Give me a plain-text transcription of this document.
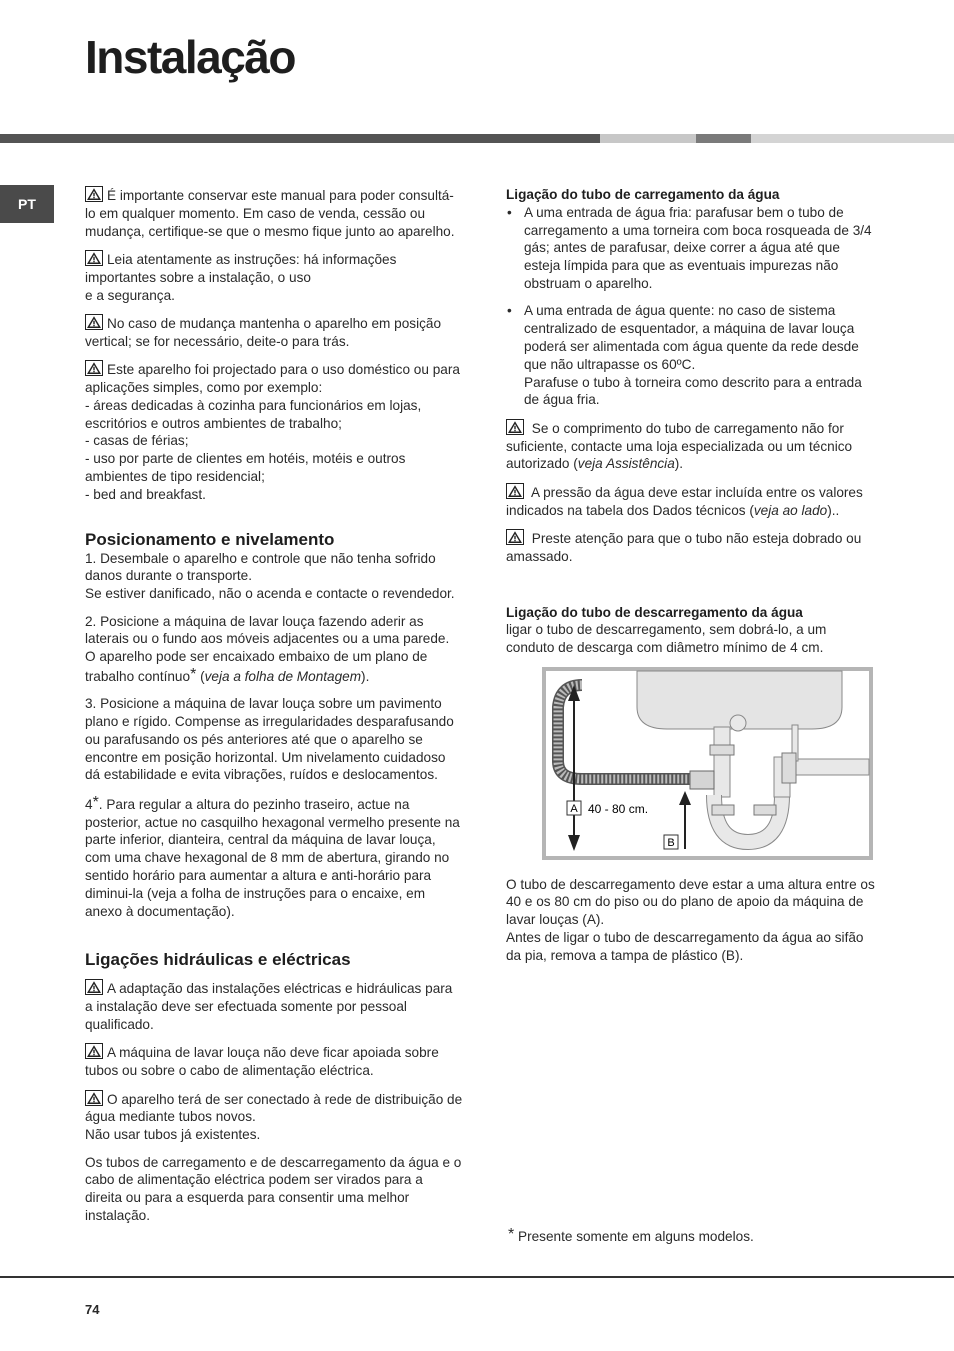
Instalação
PT

É importante conservar este manual para poder consultá-lo em qualquer momento. Em caso de venda, cessão ou mudança, certifique-se que o mesmo fique junto ao aparelho.

Leia atentamente as instruções: há informações importantes sobre a instalação, o uso
e a segurança.

No caso de mudança mantenha o aparelho em posição vertical; se for necessário, deite-o para trás.

Este aparelho foi projectado para o uso doméstico ou para aplicações simples, como por exemplo:
- áreas dedicadas à cozinha para funcionários em lojas, escritórios e outros ambientes de trabalho;
- casas de férias;
- uso por parte de clientes em hotéis, motéis e outros ambientes de tipo residencial;
- bed and breakfast.

Posicionamento e nivelamento

1. Desembale o aparelho e controle que não tenha sofrido danos durante o transporte.
Se estiver danificado, não o acenda e contacte o revendedor.

2. Posicione a máquina de lavar louça fazendo aderir as laterais ou o fundo aos móveis adjacentes ou a uma parede. O aparelho pode ser encaixado embaixo de um plano de trabalho contínuo* (veja a folha de Montagem).

3. Posicione a máquina de lavar louça sobre um pavimento plano e rígido. Compense as irregularidades desparafusando ou parafusando os pés anteriores até que o aparelho se encontre em posição horizontal. Um nivelamento cuidadoso dá estabilidade e evita vibrações, ruídos e deslocamentos.

4*. Para regular a altura do pezinho traseiro, actue na posterior, actue no casquilho hexagonal vermelho presente na parte inferior, dianteira, central da máquina de lavar louça, com uma chave hexagonal de 8 mm de abertura, girando no sentido horário para aumentar a altura e anti-horário para diminui-la (veja a folha de instruções para o encaixe, em anexo à documentação).

Ligações hidráulicas e eléctricas

A adaptação das instalações eléctricas e hidráulicas para a instalação deve ser efectuada somente por pessoal qualificado.

A máquina de lavar louça não deve ficar apoiada sobre tubos ou sobre o cabo de alimentação eléctrica.

O aparelho terá de ser conectado à rede de distribuição de água mediante tubos novos.
Não usar tubos já existentes.

Os tubos de carregamento e de descarregamento da água e o cabo de alimentação eléctrica podem ser virados para a direita ou para a esquerda para consentir uma melhor instalação.

Ligação do tubo de carregamento da água
• A uma entrada de água fria: parafusar bem o tubo de carregamento a uma torneira com boca rosqueada de 3/4 gás; antes de parafusar, deixe correr a água até que esteja límpida para que as eventuais impurezas não obstruam o aparelho.
• A uma entrada de água quente: no caso de sistema centralizado de esquentador, a máquina de lavar louça poderá ser alimentada com água quente da rede desde que não ultrapasse os 60ºC.
Parafuse o tubo à torneira como descrito para a entrada de água fria.

Se o comprimento do tubo de carregamento não for suficiente, contacte uma loja especializada ou um técnico autorizado (veja Assistência).

A pressão da água deve estar incluída entre os valores indicados na tabela dos Dados técnicos (veja ao lado)..

Preste atenção para que o tubo não esteja dobrado ou amassado.

Ligação do tubo de descarregamento da água

ligar o tubo de descarregamento, sem dobrá-lo, a um conduto de descarga com diâmetro mínimo de 4 cm.

A 40 - 80 cm.
B

O tubo de descarregamento deve estar a uma altura entre os 40 e os 80 cm do piso ou do plano de apoio da máquina de lavar louças (A).
Antes de ligar o tubo de descarregamento da água ao sifão da pia, remova a tampa de plástico (B).

* Presente somente em alguns modelos.
74
